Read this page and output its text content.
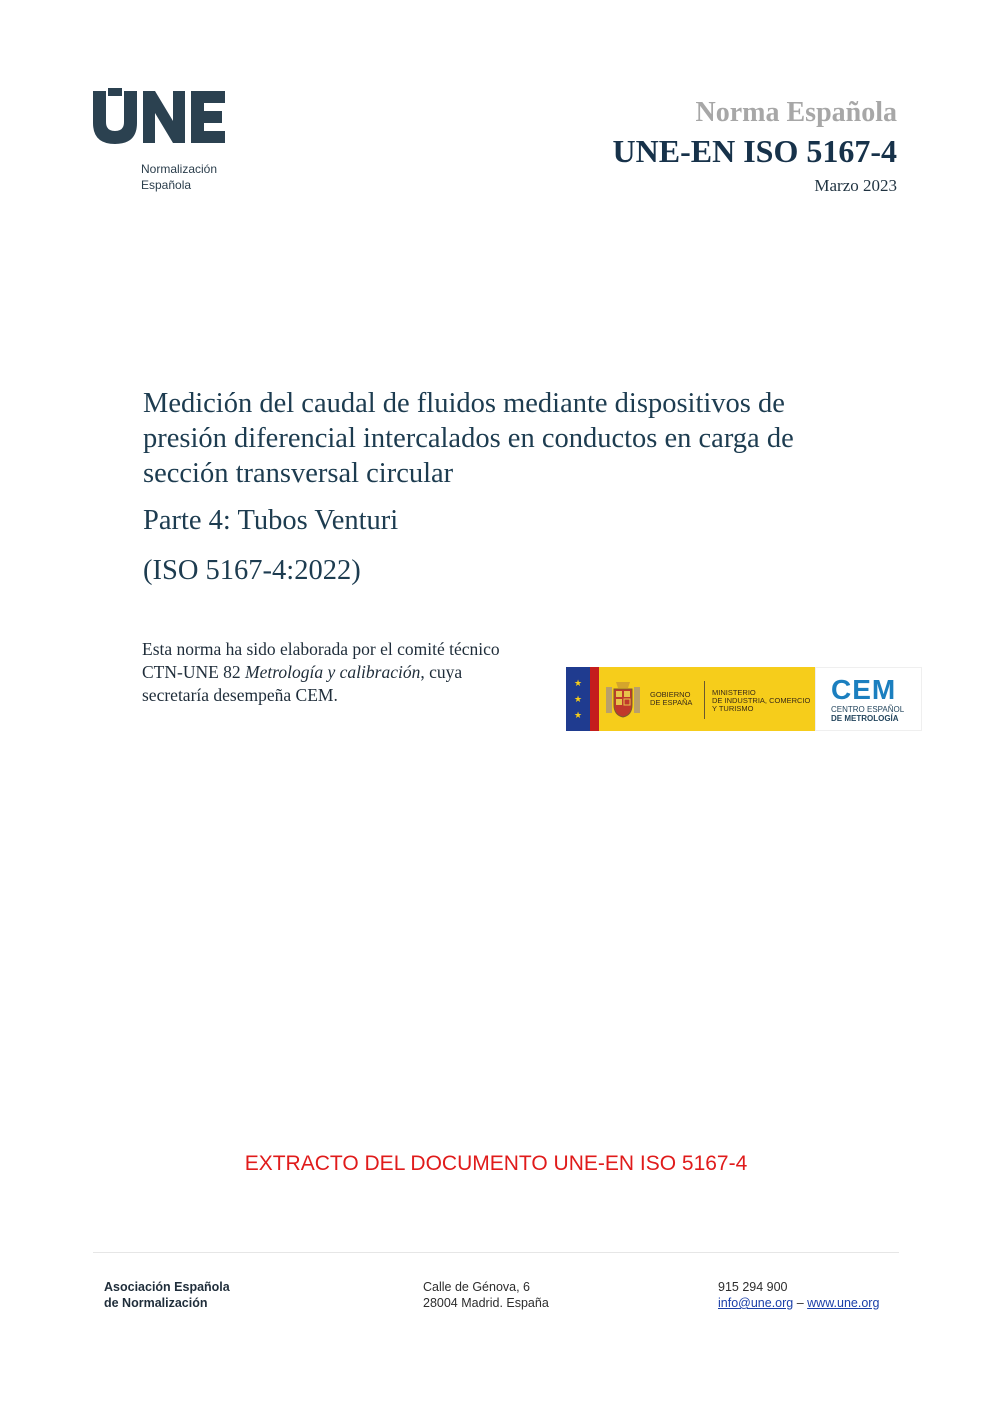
Normalización
Española
Norma Española
UNE-EN ISO 5167-4
Marzo 2023
Medición del caudal de fluidos mediante dispositivos de
presión diferencial intercalados en conductos en carga de
sección transversal circular
Parte 4: Tubos Venturi
(ISO 5167-4:2022)
Esta norma ha sido elaborada por el comité técnico CTN-UNE 82 Metrología y calibración, cuya secretaría desempeña CEM.
★
★
★
GOBIERNO
DE ESPAÑA
MINISTERIO
DE INDUSTRIA, COMERCIO
Y TURISMO
CEM
CENTRO ESPAÑOL
DE METROLOGÍA
EXTRACTO DEL DOCUMENTO UNE-EN ISO 5167-4
Asociación Española
de Normalización
Calle de Génova, 6
28004 Madrid. España
915 294 900
info@une.org – www.une.org
